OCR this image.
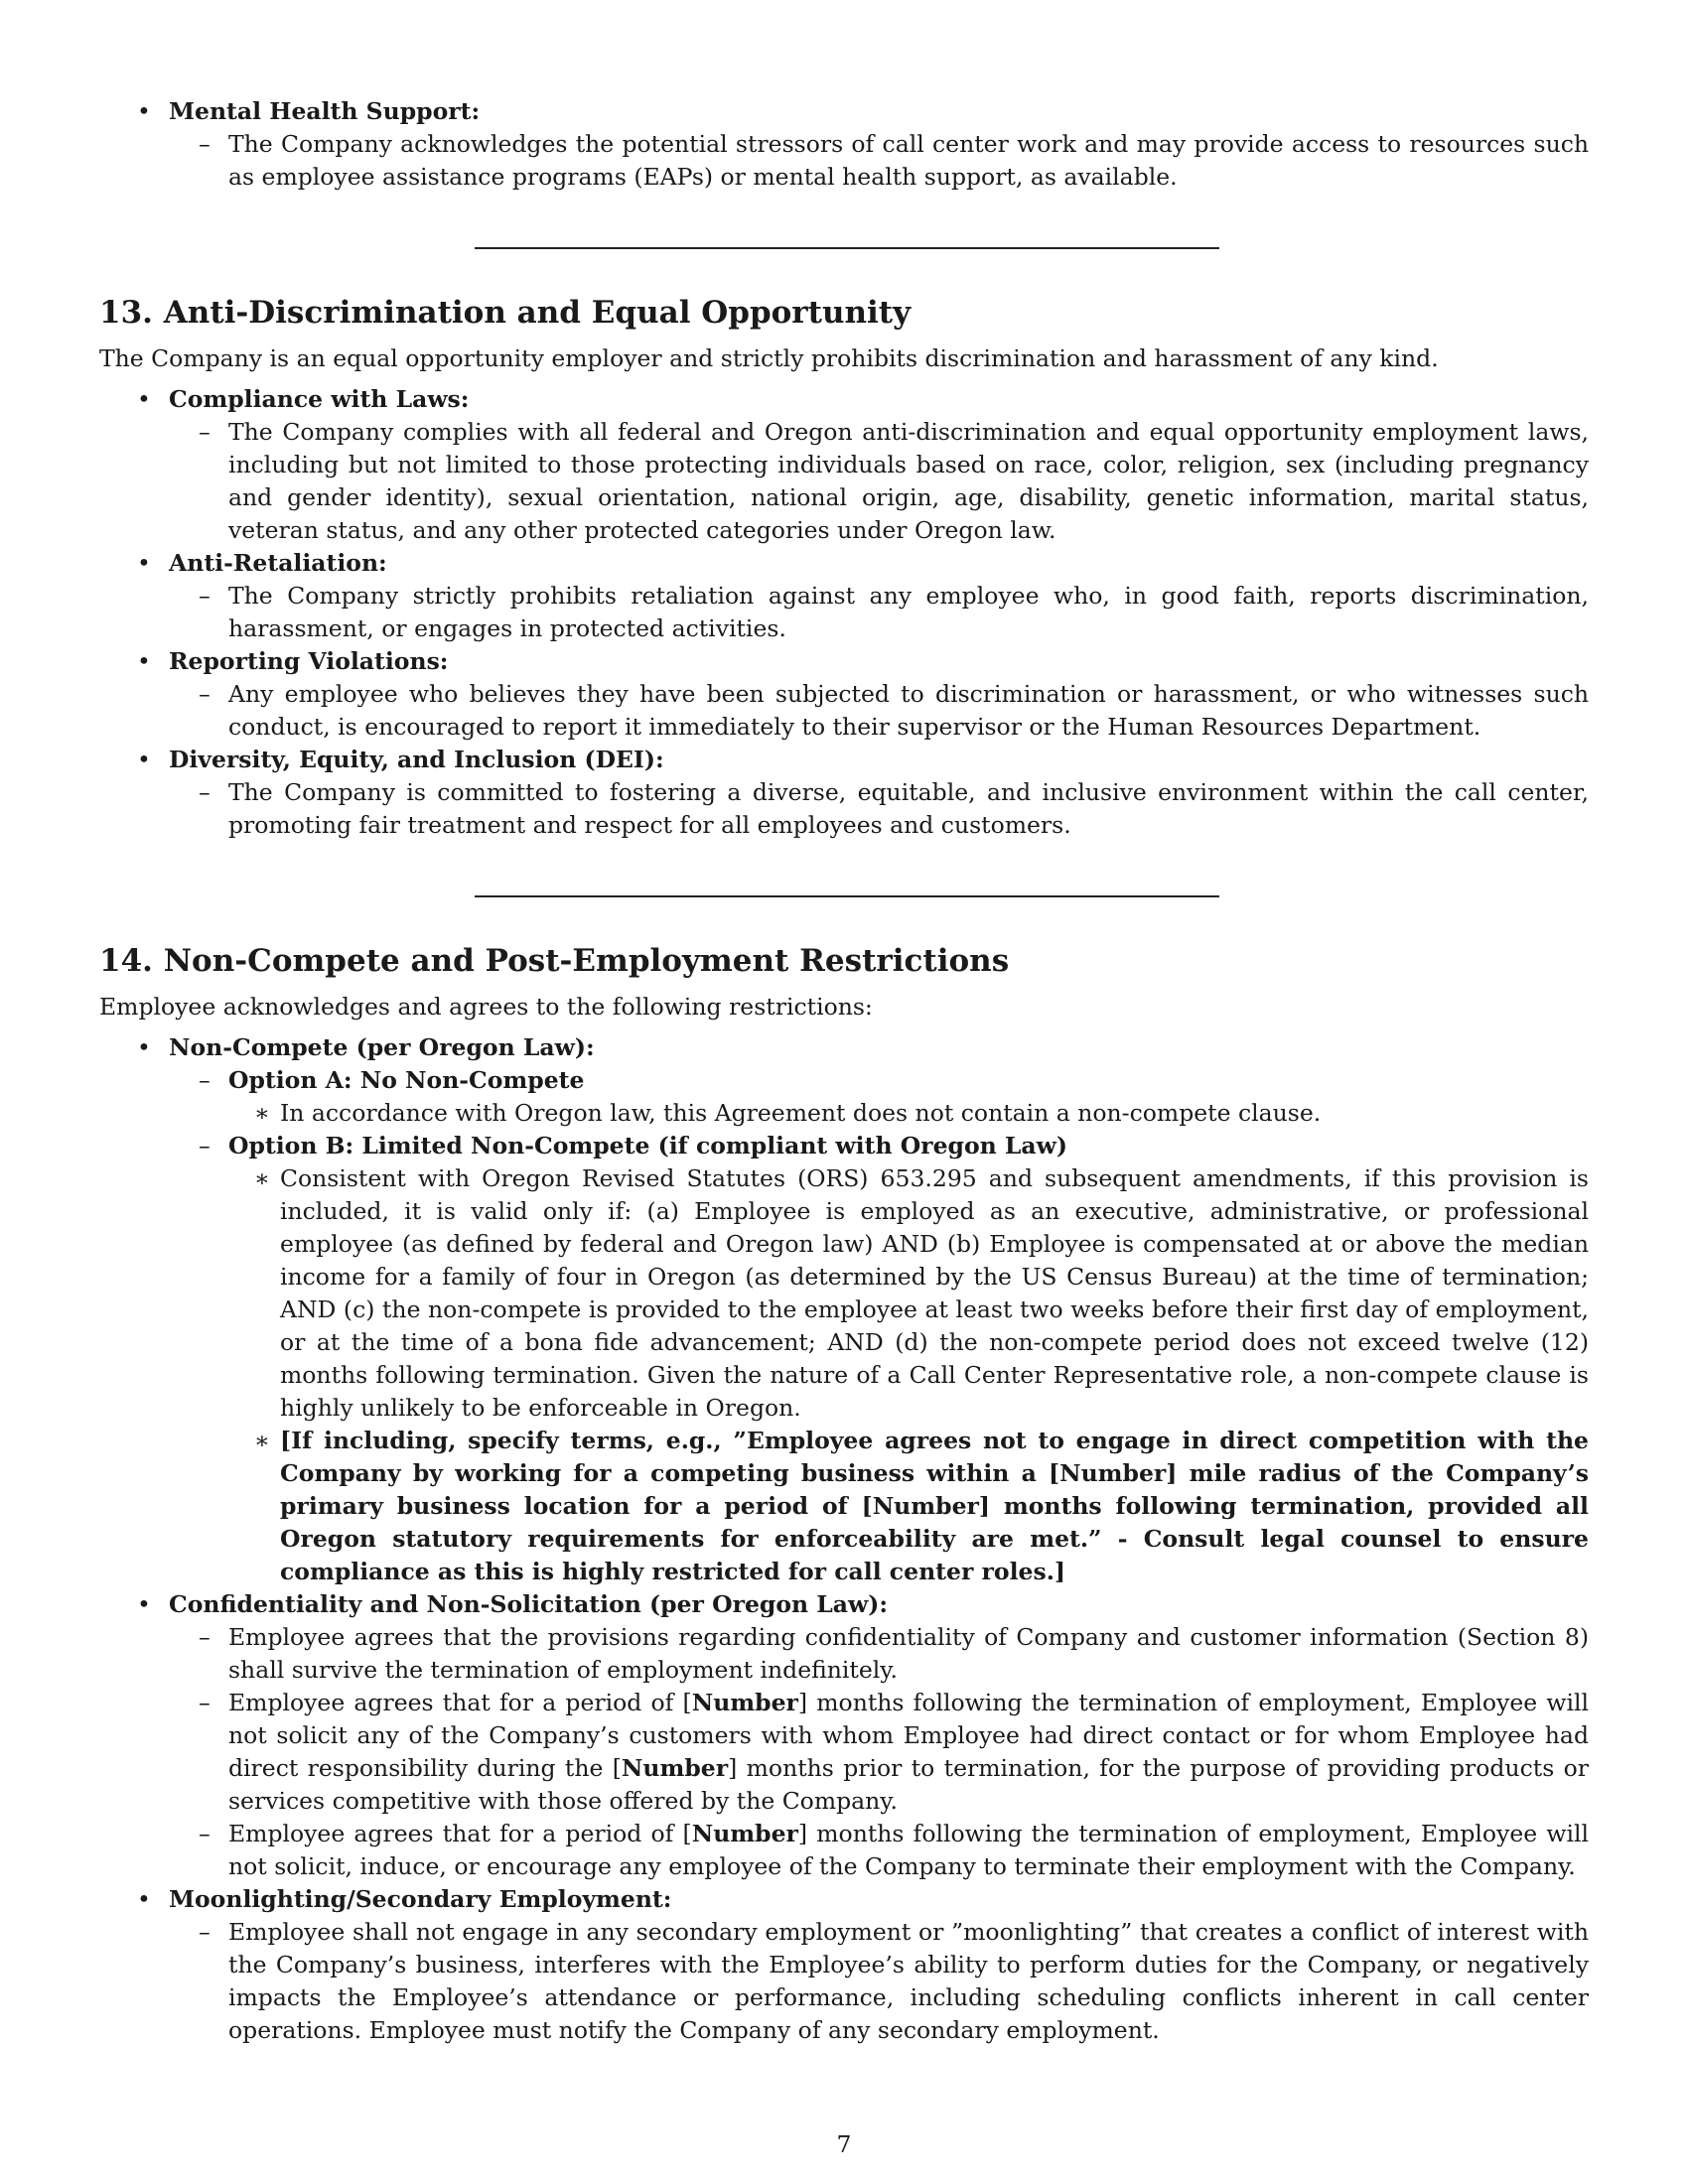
• Mental Health Support:
– The Company acknowledges the potential stressors of call center work and may provide access to resources such as employee assistance programs (EAPs) or mental health support, as available.
13. Anti-Discrimination and Equal Opportunity
The Company is an equal opportunity employer and strictly prohibits discrimination and harassment of any kind.
• Compliance with Laws:
– The Company complies with all federal and Oregon anti-discrimination and equal opportunity employment laws, including but not limited to those protecting individuals based on race, color, religion, sex (including pregnancy and gender identity), sexual orientation, national origin, age, disability, genetic information, marital status, veteran status, and any other protected categories under Oregon law.
• Anti-Retaliation:
– The Company strictly prohibits retaliation against any employee who, in good faith, reports discrimination, harassment, or engages in protected activities.
• Reporting Violations:
– Any employee who believes they have been subjected to discrimination or harassment, or who witnesses such conduct, is encouraged to report it immediately to their supervisor or the Human Resources Department.
• Diversity, Equity, and Inclusion (DEI):
– The Company is committed to fostering a diverse, equitable, and inclusive environment within the call center, promoting fair treatment and respect for all employees and customers.
14. Non-Compete and Post-Employment Restrictions
Employee acknowledges and agrees to the following restrictions:
• Non-Compete (per Oregon Law):
– Option A: No Non-Compete
∗ In accordance with Oregon law, this Agreement does not contain a non-compete clause.
– Option B: Limited Non-Compete (if compliant with Oregon Law)
∗ Consistent with Oregon Revised Statutes (ORS) 653.295 and subsequent amendments, if this provision is included, it is valid only if: (a) Employee is employed as an executive, administrative, or professional employee (as defined by federal and Oregon law) AND (b) Employee is compensated at or above the median income for a family of four in Oregon (as determined by the US Census Bureau) at the time of termination; AND (c) the non-compete is provided to the employee at least two weeks before their first day of employment, or at the time of a bona fide advancement; AND (d) the non-compete period does not exceed twelve (12) months following termination. Given the nature of a Call Center Representative role, a non-compete clause is highly unlikely to be enforceable in Oregon.
∗ [If including, specify terms, e.g., ”Employee agrees not to engage in direct competition with the Company by working for a competing business within a [Number] mile radius of the Company’s primary business location for a period of [Number] months following termination, provided all Oregon statutory requirements for enforceability are met.” - Consult legal counsel to ensure compliance as this is highly restricted for call center roles.]
• Confidentiality and Non-Solicitation (per Oregon Law):
– Employee agrees that the provisions regarding confidentiality of Company and customer information (Section 8) shall survive the termination of employment indefinitely.
– Employee agrees that for a period of [Number] months following the termination of employment, Employee will not solicit any of the Company’s customers with whom Employee had direct contact or for whom Employee had direct responsibility during the [Number] months prior to termination, for the purpose of providing products or services competitive with those offered by the Company.
– Employee agrees that for a period of [Number] months following the termination of employment, Employee will not solicit, induce, or encourage any employee of the Company to terminate their employment with the Company.
• Moonlighting/Secondary Employment:
– Employee shall not engage in any secondary employment or ”moonlighting” that creates a conflict of interest with the Company’s business, interferes with the Employee’s ability to perform duties for the Company, or negatively impacts the Employee’s attendance or performance, including scheduling conflicts inherent in call center operations. Employee must notify the Company of any secondary employment.
7
